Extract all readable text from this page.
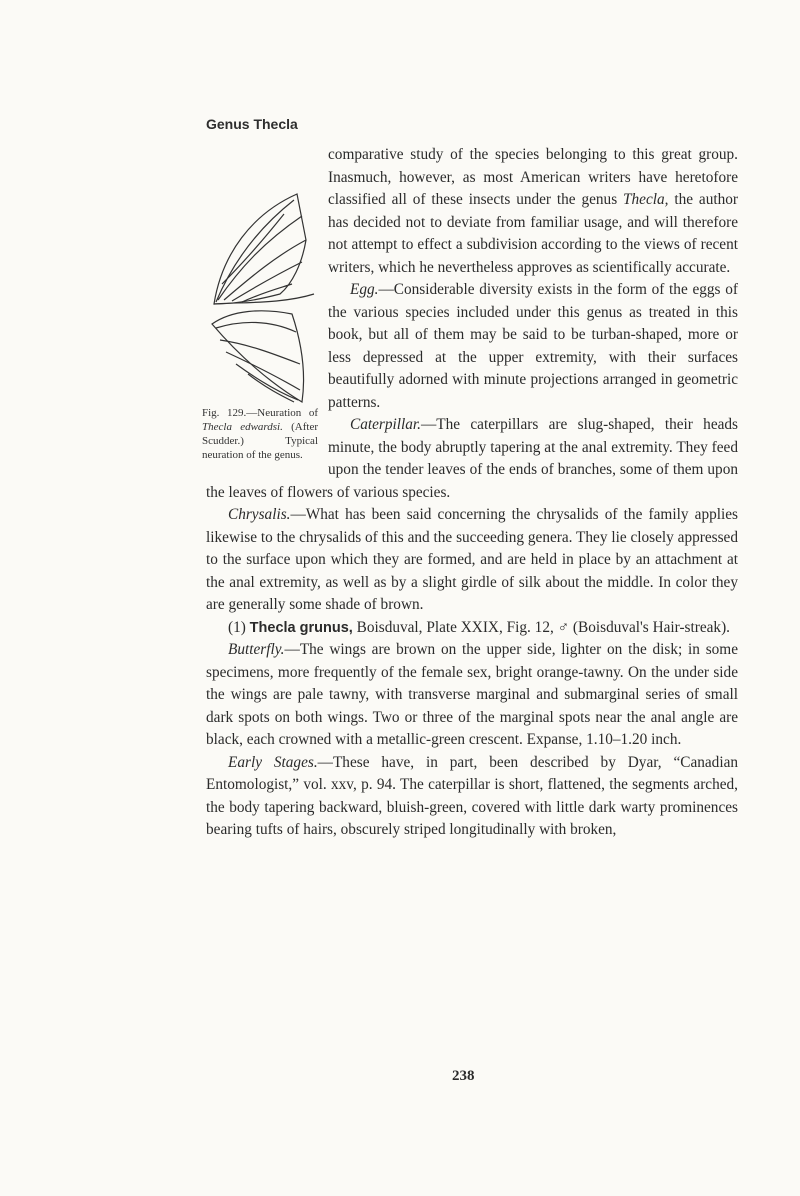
Genus Thecla
Fig. 129.—Neuration of Thecla edwardsi. (After Scudder.) Typical neuration of the genus.

comparative study of the species belonging to this great group. Inasmuch, however, as most American writers have heretofore classified all of these insects under the genus Thecla, the author has decided not to deviate from familiar usage, and will therefore not attempt to effect a subdivision according to the views of recent writers, which he nevertheless approves as scientifically accurate.

Egg.—Considerable diversity exists in the form of the eggs of the various species included under this genus as treated in this book, but all of them may be said to be turban-shaped, more or less depressed at the upper extremity, with their surfaces beautifully adorned with minute projections arranged in geometric patterns.

Caterpillar.—The caterpillars are slug-shaped, their heads minute, the body abruptly tapering at the anal extremity. They feed upon the tender leaves of the ends of branches, some of them upon the leaves of flowers of various species.

Chrysalis.—What has been said concerning the chrysalids of the family applies likewise to the chrysalids of this and the succeeding genera. They lie closely appressed to the surface upon which they are formed, and are held in place by an attachment at the anal extremity, as well as by a slight girdle of silk about the middle. In color they are generally some shade of brown.

(1) Thecla grunus, Boisduval, Plate XXIX, Fig. 12, ♂ (Boisduval's Hair-streak).

Butterfly.—The wings are brown on the upper side, lighter on the disk; in some specimens, more frequently of the female sex, bright orange-tawny. On the under side the wings are pale tawny, with transverse marginal and submarginal series of small dark spots on both wings. Two or three of the marginal spots near the anal angle are black, each crowned with a metallic-green crescent. Expanse, 1.10–1.20 inch.

Early Stages.—These have, in part, been described by Dyar, “Canadian Entomologist,” vol. xxv, p. 94. The caterpillar is short, flattened, the segments arched, the body tapering backward, bluish-green, covered with little dark warty prominences bearing tufts of hairs, obscurely striped longitudinally with broken,

238
